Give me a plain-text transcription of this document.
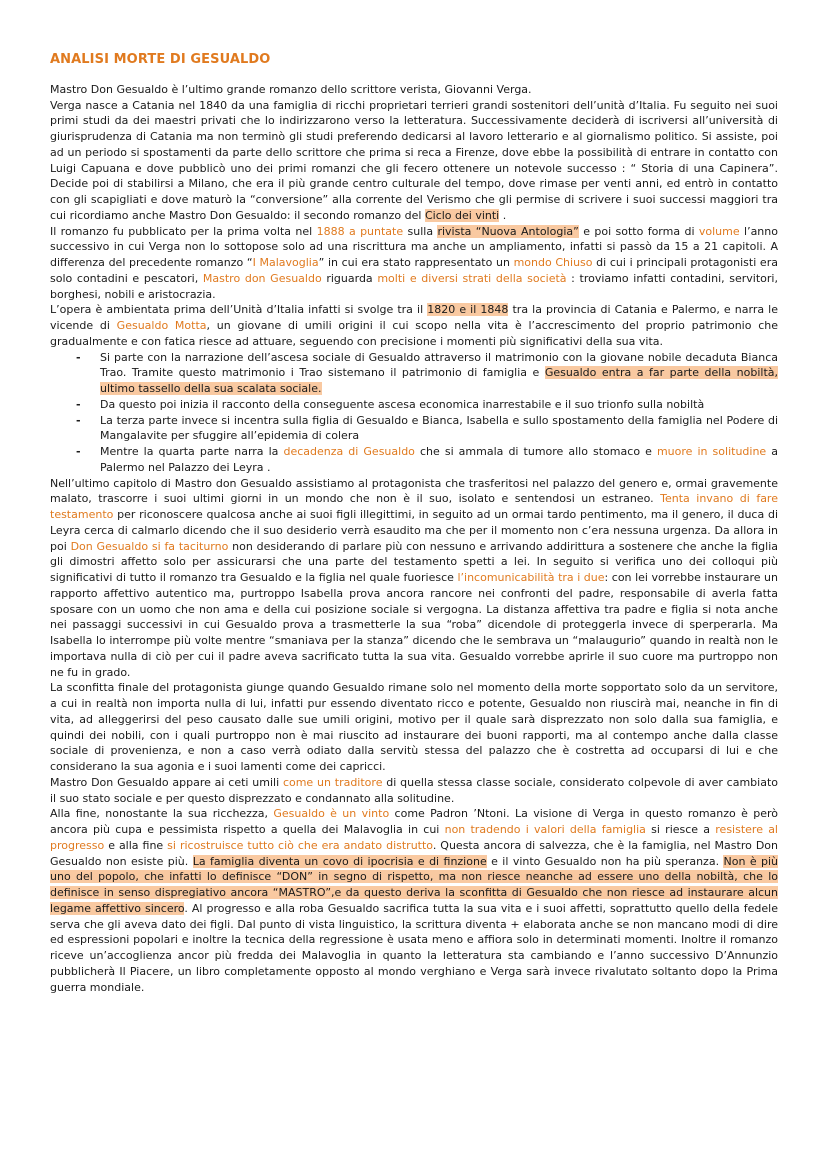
ANALISI MORTE DI GESUALDO

Mastro Don Gesualdo è l’ultimo grande romanzo dello scrittore verista, Giovanni Verga.

Verga nasce a Catania nel 1840 da una famiglia di ricchi proprietari terrieri grandi sostenitori dell’unità d’Italia. Fu seguito nei suoi primi studi da dei maestri privati che lo indirizzarono verso la letteratura. Successivamente deciderà di iscriversi all’università di giurisprudenza di Catania ma non terminò gli studi preferendo dedicarsi al lavoro letterario e al giornalismo politico. Si assiste, poi ad un periodo si spostamenti da parte dello scrittore che prima si reca a Firenze, dove ebbe la possibilità di entrare in contatto con Luigi Capuana e dove pubblicò uno dei primi romanzi che gli fecero ottenere un notevole successo : “ Storia di una Capinera”. Decide poi di stabilirsi a Milano, che era il più grande centro culturale del tempo, dove rimase per venti anni, ed entrò in contatto con gli scapigliati e dove maturò la “conversione” alla corrente del Verismo che gli permise di scrivere i suoi successi maggiori tra cui ricordiamo anche Mastro Don Gesualdo: il secondo romanzo del Ciclo dei vinti .

Il romanzo fu pubblicato per la prima volta nel 1888 a puntate sulla rivista “Nuova Antologia” e poi sotto forma di volume l’anno successivo in cui Verga non lo sottopose solo ad una riscrittura ma anche un ampliamento, infatti si passò da 15 a 21 capitoli. A differenza del precedente romanzo “I Malavoglia” in cui era stato rappresentato un mondo Chiuso di cui i principali protagonisti era solo contadini e pescatori, Mastro don Gesualdo riguarda molti e diversi strati della società : troviamo infatti contadini, servitori, borghesi, nobili e aristocrazia.

L’opera è ambientata prima dell’Unità d’Italia infatti si svolge tra il 1820 e il 1848 tra la provincia di Catania e Palermo, e narra le vicende di Gesualdo Motta, un giovane di umili origini il cui scopo nella vita è l’accrescimento del proprio patrimonio che gradualmente e con fatica riesce ad attuare, seguendo con precisione i momenti più significativi della sua vita.

- Si parte con la narrazione dell’ascesa sociale di Gesualdo attraverso il matrimonio con la giovane nobile decaduta Bianca Trao. Tramite questo matrimonio i Trao sistemano il patrimonio di famiglia e Gesualdo entra a far parte della nobiltà, ultimo tassello della sua scalata sociale.
- Da questo poi inizia il racconto della conseguente ascesa economica inarrestabile e il suo trionfo sulla nobiltà
- La terza parte invece si incentra sulla figlia di Gesualdo e Bianca, Isabella e sullo spostamento della famiglia nel Podere di Mangalavite per sfuggire all’epidemia di colera
- Mentre la quarta parte narra la decadenza di Gesualdo che si ammala di tumore allo stomaco e muore in solitudine a Palermo nel Palazzo dei Leyra .

Nell’ultimo capitolo di Mastro don Gesualdo assistiamo al protagonista che trasferitosi nel palazzo del genero e, ormai gravemente malato, trascorre i suoi ultimi giorni in un mondo che non è il suo, isolato e sentendosi un estraneo. Tenta invano di fare testamento per riconoscere qualcosa anche ai suoi figli illegittimi, in seguito ad un ormai tardo pentimento, ma il genero, il duca di Leyra cerca di calmarlo dicendo che il suo desiderio verrà esaudito ma che per il momento non c’era nessuna urgenza. Da allora in poi Don Gesualdo si fa taciturno non desiderando di parlare più con nessuno e arrivando addirittura a sostenere che anche la figlia gli dimostri affetto solo per assicurarsi che una parte del testamento spetti a lei. In seguito si verifica uno dei colloqui più significativi di tutto il romanzo tra Gesualdo e la figlia nel quale fuoriesce l’incomunicabilità tra i due: con lei vorrebbe instaurare un rapporto affettivo autentico ma, purtroppo Isabella prova ancora rancore nei confronti del padre, responsabile di averla fatta sposare con un uomo che non ama e della cui posizione sociale si vergogna. La distanza affettiva tra padre e figlia si nota anche nei passaggi successivi in cui Gesualdo prova a trasmetterle la sua “roba” dicendole di proteggerla invece di sperperarla. Ma Isabella lo interrompe più volte mentre “smaniava per la stanza” dicendo che le sembrava un “malaugurio” quando in realtà non le importava nulla di ciò per cui il padre aveva sacrificato tutta la sua vita. Gesualdo vorrebbe aprirle il suo cuore ma purtroppo non ne fu in grado.

La sconfitta finale del protagonista giunge quando Gesualdo rimane solo nel momento della morte sopportato solo da un servitore, a cui in realtà non importa nulla di lui, infatti pur essendo diventato ricco e potente, Gesualdo non riuscirà mai, neanche in fin di vita, ad alleggerirsi del peso causato dalle sue umili origini, motivo per il quale sarà disprezzato non solo dalla sua famiglia, e quindi dei nobili, con i quali purtroppo non è mai riuscito ad instaurare dei buoni rapporti, ma al contempo anche dalla classe sociale di provenienza, e non a caso verrà odiato dalla servitù stessa del palazzo che è costretta ad occuparsi di lui e che considerano la sua agonia e i suoi lamenti come dei capricci.

Mastro Don Gesualdo appare ai ceti umili come un traditore di quella stessa classe sociale, considerato colpevole di aver cambiato il suo stato sociale e per questo disprezzato e condannato alla solitudine.

Alla fine, nonostante la sua ricchezza, Gesualdo è un vinto come Padron ’Ntoni. La visione di Verga in questo romanzo è però ancora più cupa e pessimista rispetto a quella dei Malavoglia in cui non tradendo i valori della famiglia si riesce a resistere al progresso e alla fine si ricostruisce tutto ciò che era andato distrutto. Questa ancora di salvezza, che è la famiglia, nel Mastro Don Gesualdo non esiste più. La famiglia diventa un covo di ipocrisia e di finzione e il vinto Gesualdo non ha più speranza. Non è più uno del popolo, che infatti lo definisce “DON” in segno di rispetto, ma non riesce neanche ad essere uno della nobiltà, che lo definisce in senso dispregiativo ancora “MASTRO”,e da questo deriva la sconfitta di Gesualdo che non riesce ad instaurare alcun legame affettivo sincero. Al progresso e alla roba Gesualdo sacrifica tutta la sua vita e i suoi affetti, soprattutto quello della fedele serva che gli aveva dato dei figli. Dal punto di vista linguistico, la scrittura diventa + elaborata anche se non mancano modi di dire ed espressioni popolari e inoltre la tecnica della regressione è usata meno e affiora solo in determinati momenti. Inoltre il romanzo riceve un’accoglienza ancor più fredda dei Malavoglia in quanto la letteratura sta cambiando e l’anno successivo D’Annunzio pubblicherà Il Piacere, un libro completamente opposto al mondo verghiano e Verga sarà invece rivalutato soltanto dopo la Prima guerra mondiale.
